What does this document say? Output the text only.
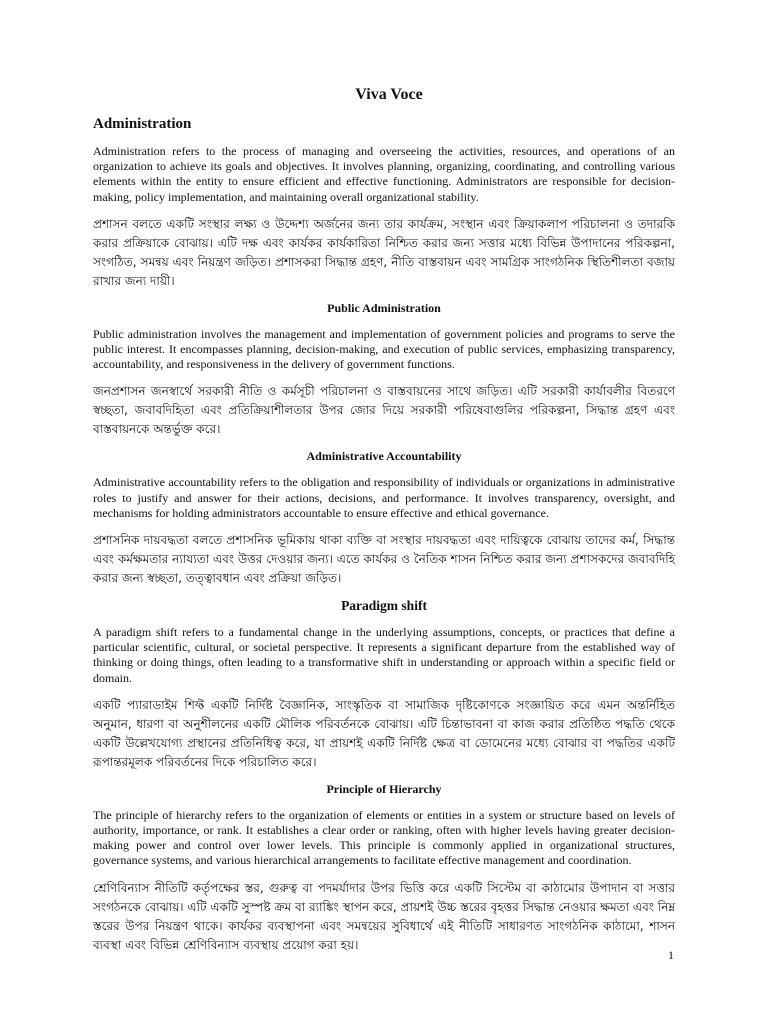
Viva Voce
Administration

Administration refers to the process of managing and overseeing the activities, resources, and operations of an organization to achieve its goals and objectives. It involves planning, organizing, coordinating, and controlling various elements within the entity to ensure efficient and effective functioning. Administrators are responsible for decision-making, policy implementation, and maintaining overall organizational stability.

প্রশাসন বলতে একটি সংস্থার লক্ষ্য ও উদ্দেশ্য অর্জনের জন্য তার কার্যক্রম, সংস্থান এবং ক্রিয়াকলাপ পরিচালনা ও তদারকি করার প্রক্রিয়াকে বোঝায়। এটি দক্ষ এবং কার্যকর কার্যকারিতা নিশ্চিত করার জন্য সত্তার মধ্যে বিভিন্ন উপাদানের পরিকল্পনা, সংগঠিত, সমন্বয় এবং নিয়ন্ত্রণ জড়িত। প্রশাসকরা সিদ্ধান্ত গ্রহণ, নীতি বাস্তবায়ন এবং সামগ্রিক সাংগঠনিক স্থিতিশীলতা বজায় রাখার জন্য দায়ী।

Public Administration

Public administration involves the management and implementation of government policies and programs to serve the public interest. It encompasses planning, decision-making, and execution of public services, emphasizing transparency, accountability, and responsiveness in the delivery of government functions.

জনপ্রশাসন জনস্বার্থে সরকারী নীতি ও কর্মসূচী পরিচালনা ও বাস্তবায়নের সাথে জড়িত। এটি সরকারী কার্যাবলীর বিতরণে স্বচ্ছতা, জবাবদিহিতা এবং প্রতিক্রিয়াশীলতার উপর জোর দিয়ে সরকারী পরিষেবাগুলির পরিকল্পনা, সিদ্ধান্ত গ্রহণ এবং বাস্তবায়নকে অন্তর্ভুক্ত করে।

Administrative Accountability

Administrative accountability refers to the obligation and responsibility of individuals or organizations in administrative roles to justify and answer for their actions, decisions, and performance. It involves transparency, oversight, and mechanisms for holding administrators accountable to ensure effective and ethical governance.

প্রশাসনিক দায়বদ্ধতা বলতে প্রশাসনিক ভূমিকায় থাকা ব্যক্তি বা সংস্থার দায়বদ্ধতা এবং দায়িত্বকে বোঝায় তাদের কর্ম, সিদ্ধান্ত এবং কর্মক্ষমতার ন্যায্যতা এবং উত্তর দেওয়ার জন্য। এতে কার্যকর ও নৈতিক শাসন নিশ্চিত করার জন্য প্রশাসকদের জবাবদিহি করার জন্য স্বচ্ছতা, তত্ত্বাবধান এবং প্রক্রিয়া জড়িত।

Paradigm shift

A paradigm shift refers to a fundamental change in the underlying assumptions, concepts, or practices that define a particular scientific, cultural, or societal perspective. It represents a significant departure from the established way of thinking or doing things, often leading to a transformative shift in understanding or approach within a specific field or domain.

একটি প্যারাডাইম শিফ্ট একটি নির্দিষ্ট বৈজ্ঞানিক, সাংস্কৃতিক বা সামাজিক দৃষ্টিকোণকে সংজ্ঞায়িত করে এমন অন্তর্নিহিত অনুমান, ধারণা বা অনুশীলনের একটি মৌলিক পরিবর্তনকে বোঝায়। এটি চিন্তাভাবনা বা কাজ করার প্রতিষ্ঠিত পদ্ধতি থেকে একটি উল্লেখযোগ্য প্রস্থানের প্রতিনিধিত্ব করে, যা প্রায়শই একটি নির্দিষ্ট ক্ষেত্র বা ডোমেনের মধ্যে বোঝার বা পদ্ধতির একটি রূপান্তরমূলক পরিবর্তনের দিকে পরিচালিত করে।

Principle of Hierarchy

The principle of hierarchy refers to the organization of elements or entities in a system or structure based on levels of authority, importance, or rank. It establishes a clear order or ranking, often with higher levels having greater decision-making power and control over lower levels. This principle is commonly applied in organizational structures, governance systems, and various hierarchical arrangements to facilitate effective management and coordination.

শ্রেণিবিন্যাস নীতিটি কর্তৃপক্ষের স্তর, গুরুত্ব বা পদমর্যাদার উপর ভিত্তি করে একটি সিস্টেম বা কাঠামোর উপাদান বা সত্তার সংগঠনকে বোঝায়। এটি একটি সুস্পষ্ট ক্রম বা র‍্যাঙ্কিং স্থাপন করে, প্রায়শই উচ্চ স্তরের বৃহত্তর সিদ্ধান্ত নেওয়ার ক্ষমতা এবং নিম্ন স্তরের উপর নিয়ন্ত্রণ থাকে। কার্যকর ব্যবস্থাপনা এবং সমন্বয়ের সুবিধার্থে এই নীতিটি সাধারণত সাংগঠনিক কাঠামো, শাসন ব্যবস্থা এবং বিভিন্ন শ্রেণিবিন্যাস ব্যবস্থায় প্রয়োগ করা হয়।

1
